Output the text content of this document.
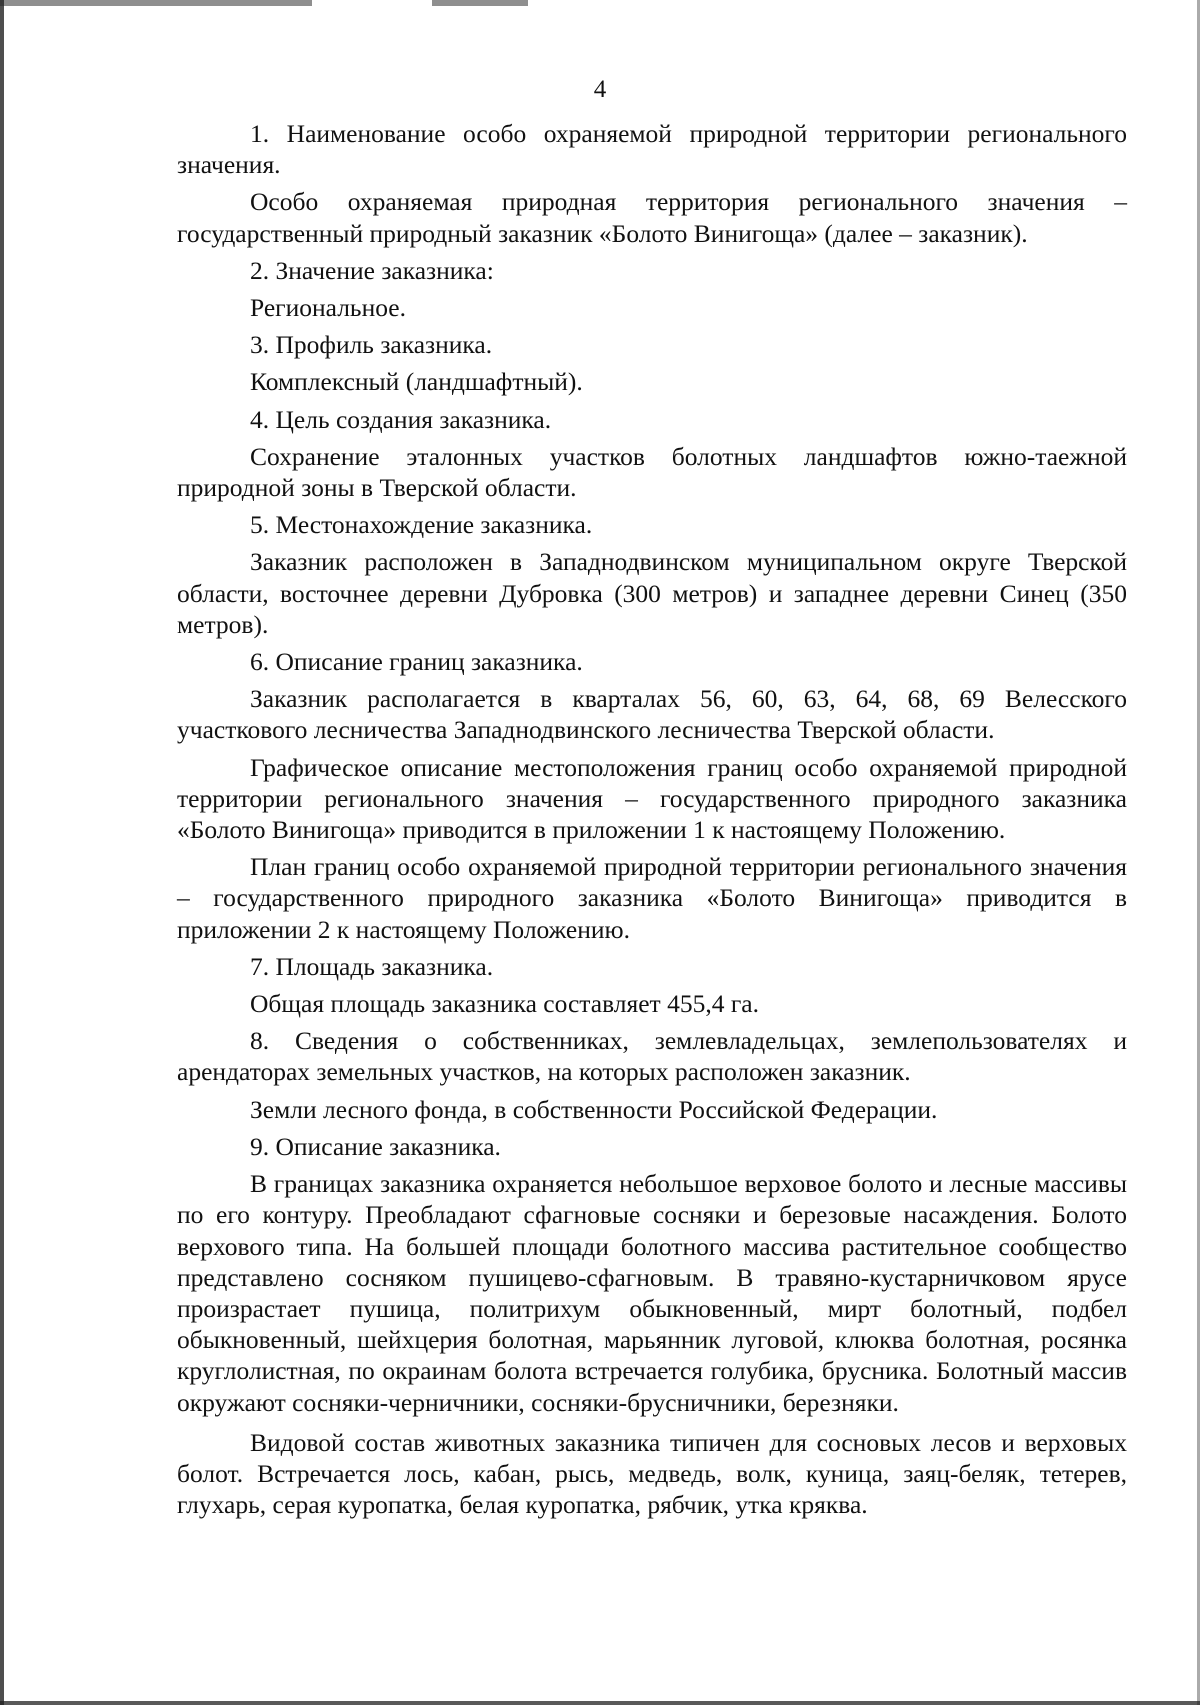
4

1. Наименование особо охраняемой природной территории регионального значения.

Особо охраняемая природная территория регионального значения – государственный природный заказник «Болото Винигоща» (далее – заказник).

2. Значение заказника:

Региональное.

3. Профиль заказника.

Комплексный (ландшафтный).

4. Цель создания заказника.

Сохранение эталонных участков болотных ландшафтов южно-таежной природной зоны в Тверской области.

5. Местонахождение заказника.

Заказник расположен в Западнодвинском муниципальном округе Тверской области, восточнее деревни Дубровка (300 метров) и западнее деревни Синец (350 метров).

6. Описание границ заказника.

Заказник располагается в кварталах 56, 60, 63, 64, 68, 69 Велесского участкового лесничества Западнодвинского лесничества Тверской области.

Графическое описание местоположения границ особо охраняемой природной территории регионального значения – государственного природного заказника «Болото Винигоща» приводится в приложении 1 к настоящему Положению.

План границ особо охраняемой природной территории регионального значения – государственного природного заказника «Болото Винигоща» приводится в приложении 2 к настоящему Положению.

7. Площадь заказника.

Общая площадь заказника составляет 455,4 га.

8. Сведения о собственниках, землевладельцах, землепользователях и арендаторах земельных участков, на которых расположен заказник.

Земли лесного фонда, в собственности Российской Федерации.

9. Описание заказника.

В границах заказника охраняется небольшое верховое болото и лесные массивы по его контуру. Преобладают сфагновые сосняки и березовые насаждения. Болото верхового типа. На большей площади болотного массива растительное сообщество представлено сосняком пушицево-сфагновым. В травяно-кустарничковом ярусе произрастает пушица, политрихум обыкновенный, мирт болотный, подбел обыкновенный, шейхцерия болотная, марьянник луговой, клюква болотная, росянка круглолистная, по окраинам болота встречается голубика, брусника. Болотный массив окружают сосняки-черничники, сосняки-брусничники, березняки.

Видовой состав животных заказника типичен для сосновых лесов и верховых болот. Встречается лось, кабан, рысь, медведь, волк, куница, заяц-беляк, тетерев, глухарь, серая куропатка, белая куропатка, рябчик, утка кряква.
